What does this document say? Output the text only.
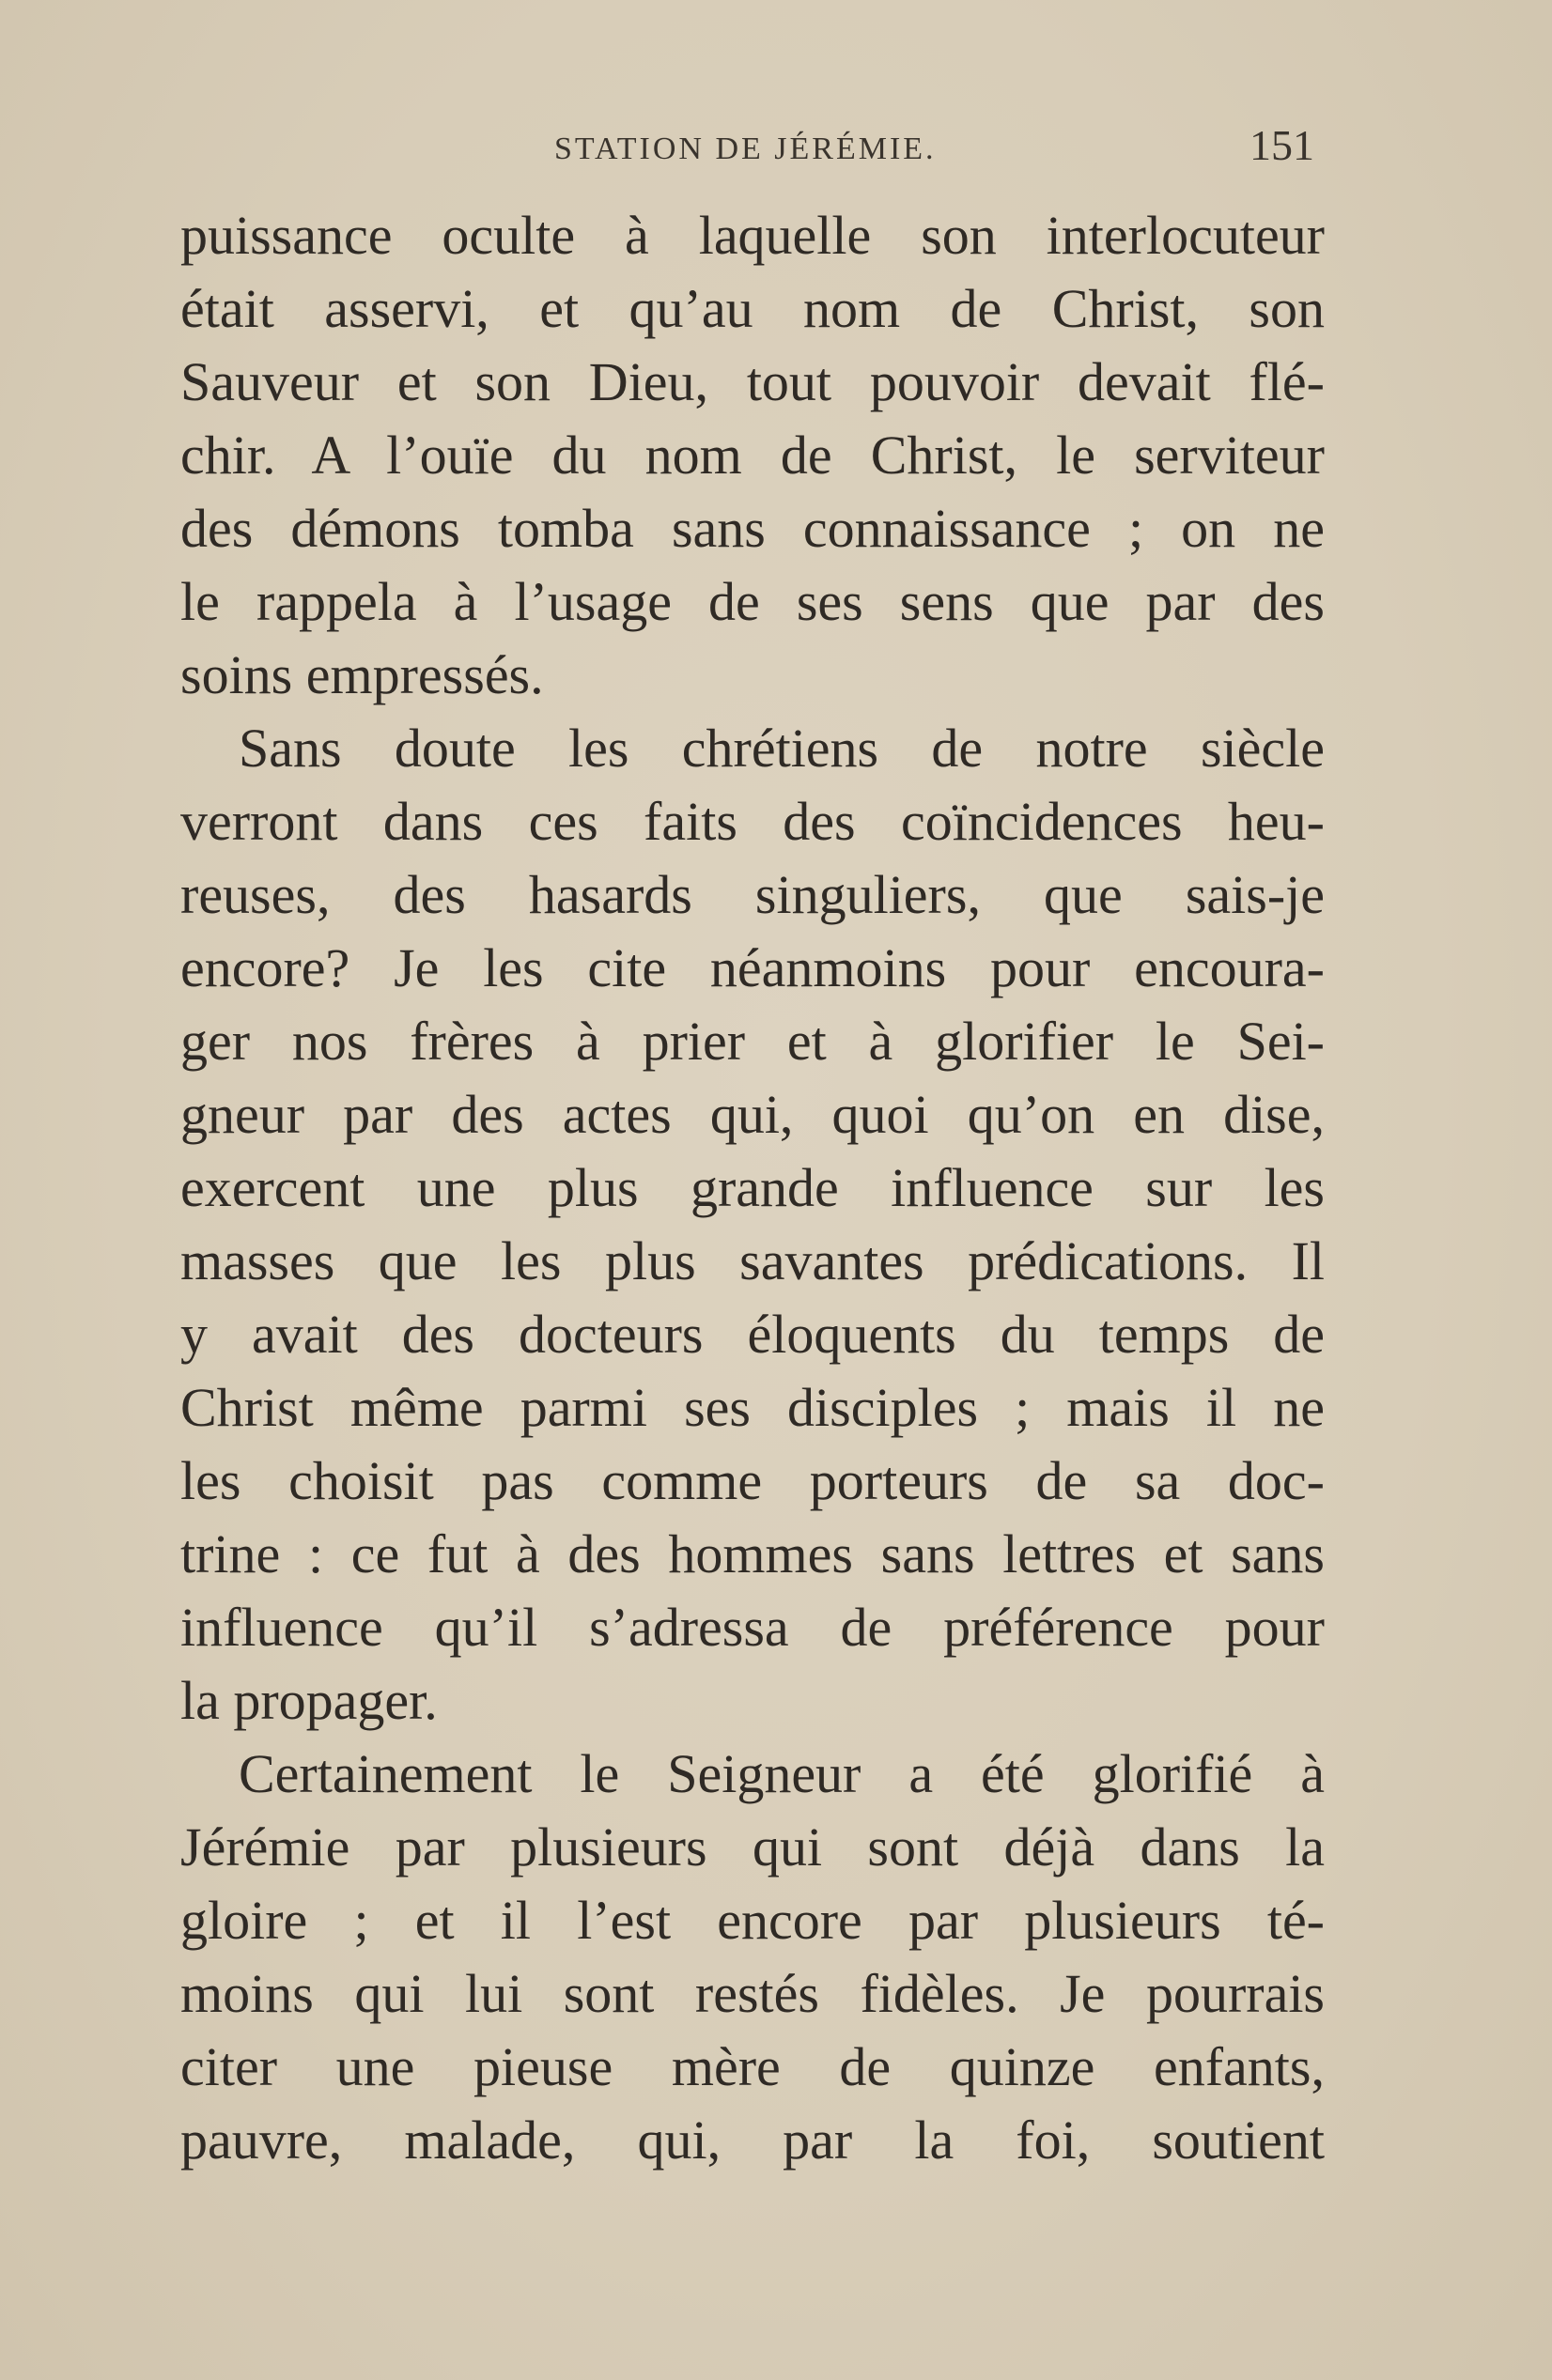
STATION DE JÉRÉMIE.	151
puissance oculte à laquelle son interlocuteur
était asservi, et qu’au nom de Christ, son
Sauveur et son Dieu, tout pouvoir devait flé-
chir. A l’ouïe du nom de Christ, le serviteur
des démons tomba sans connaissance ; on ne
le rappela à l’usage de ses sens que par des
soins empressés.
Sans doute les chrétiens de notre siècle
verront dans ces faits des coïncidences heu-
reuses, des hasards singuliers, que sais-je
encore? Je les cite néanmoins pour encoura-
ger nos frères à prier et à glorifier le Sei-
gneur par des actes qui, quoi qu’on en dise,
exercent une plus grande influence sur les
masses que les plus savantes prédications. Il
y avait des docteurs éloquents du temps de
Christ même parmi ses disciples ; mais il ne
les choisit pas comme porteurs de sa doc-
trine : ce fut à des hommes sans lettres et sans
influence qu’il s’adressa de préférence pour
la propager.
Certainement le Seigneur a été glorifié à
Jérémie par plusieurs qui sont déjà dans la
gloire ; et il l’est encore par plusieurs té-
moins qui lui sont restés fidèles. Je pourrais
citer une pieuse mère de quinze enfants,
pauvre, malade, qui, par la foi, soutient
